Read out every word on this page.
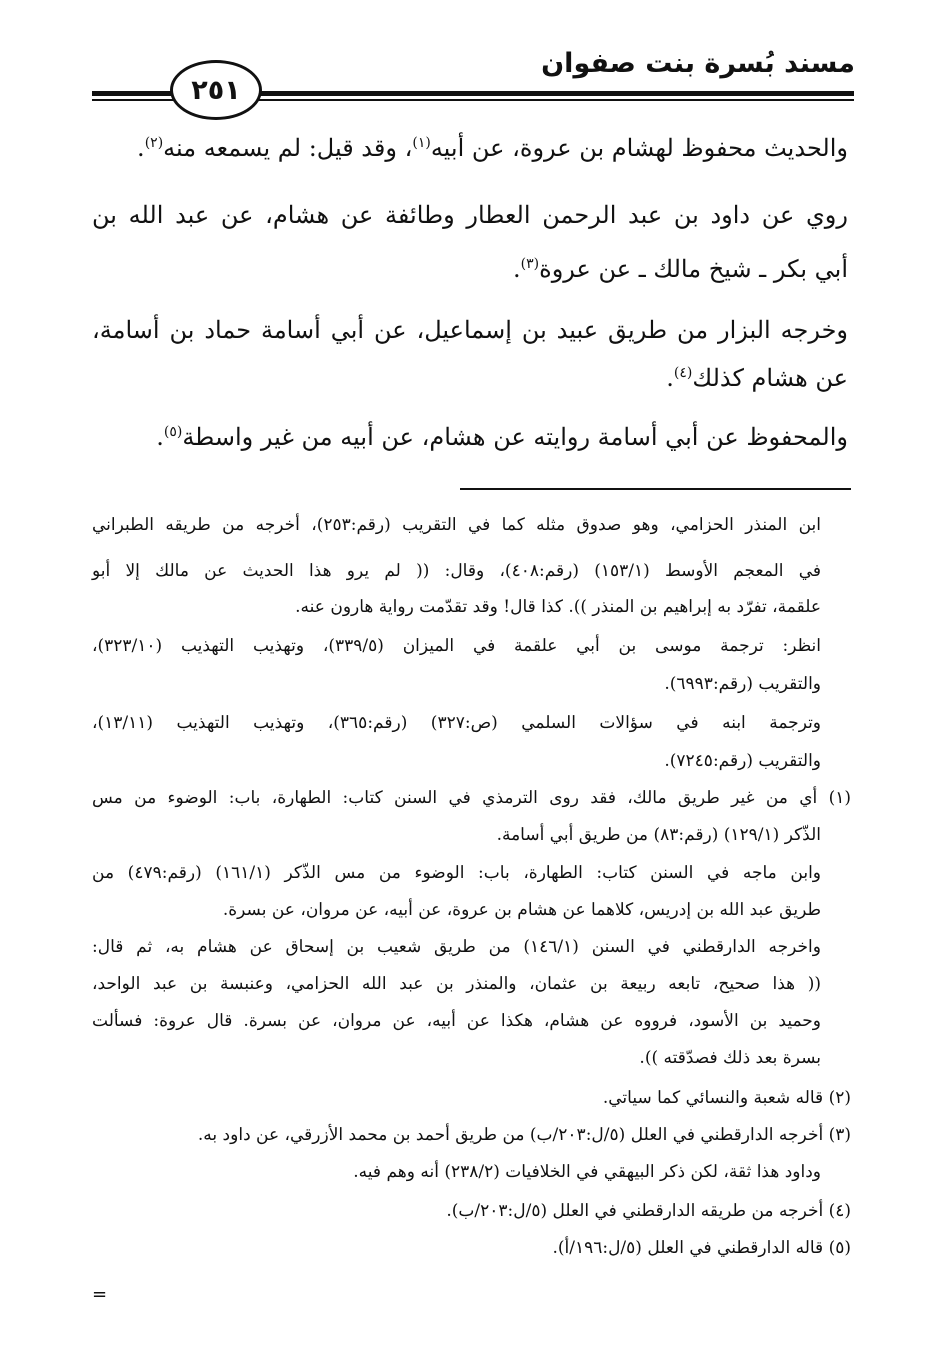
مسند بُسرة بنت صفوان
٢٥١
والحديث محفوظ لهشام بن عروة، عن أبيه$^{(١)}$، وقد قيل: لم يسمعه منه$^{(٢)}$.
روي عن داود بن عبد الرحمن العطار وطائفة عن هشام، عن عبد الله بن
أبي بكر ـ شيخ مالك ـ عن عروة$^{(٣)}$.
وخرجه البزار من طريق عبيد بن إسماعيل، عن أبي أسامة حماد بن أسامة،
عن هشام كذلك$^{(٤)}$.
والمحفوظ عن أبي أسامة روايته عن هشام، عن أبيه من غير واسطة$^{(٥)}$.
ابن المنذر الحزامي، وهو صدوق مثله كما في التقريب (رقم:٢٥٣)، أخرجه من طريقه الطبراني
في المعجم الأوسط (١٥٣/١) (رقم:٤٠٨)، وقال: (( لم يرو هذا الحديث عن مالك إلا أبو
علقمة، تفرّد به إبراهيم بن المنذر )). كذا قال! وقد تقدّمت رواية هارون عنه.
انظر: ترجمة موسى بن أبي علقمة في الميزان (٣٣٩/٥)، وتهذيب التهذيب (٣٢٣/١٠)،
والتقريب (رقم:٦٩٩٣).
وترجمة ابنه في سؤالات السلمي (ص:٣٢٧) (رقم:٣٦٥)، وتهذيب التهذيب (١٣/١١)،
والتقريب (رقم:٧٢٤٥).
(١) أي من غير طريق مالك، فقد روى الترمذي في السنن كتاب: الطهارة، باب: الوضوء من مس
الذّكر (١٢٩/١) (رقم:٨٣) من طريق أبي أسامة.
وابن ماجه في السنن كتاب: الطهارة، باب: الوضوء من مس الذّكر (١٦١/١) (رقم:٤٧٩) من
طريق عبد الله بن إدريس، كلاهما عن هشام بن عروة، عن أبيه، عن مروان، عن بسرة.
واخرجه الدارقطني في السنن (١٤٦/١) من طريق شعيب بن إسحاق عن هشام به، ثم قال:
(( هذا صحيح، تابعه ربيعة بن عثمان، والمنذر بن عبد الله الحزامي، وعنبسة بن عبد الواحد،
وحميد بن الأسود، فرووه عن هشام، هكذا عن أبيه، عن مروان، عن بسرة. قال عروة: فسألت
بسرة بعد ذلك فصدّقته )).
(٢) قاله شعبة والنسائي كما سياتي.
(٣) أخرجه الدارقطني في العلل (٥/ل:٢٠٣/ب) من طريق أحمد بن محمد الأزرقي، عن داود به.
وداود هذا ثقة، لكن ذكر البيهقي في الخلافيات (٢٣٨/٢) أنه وهم فيه.
(٤) أخرجه من طريقه الدارقطني في العلل (٥/ل:٢٠٣/ب).
(٥) قاله الدارقطني في العلل (٥/ل:١٩٦/أ).
=
